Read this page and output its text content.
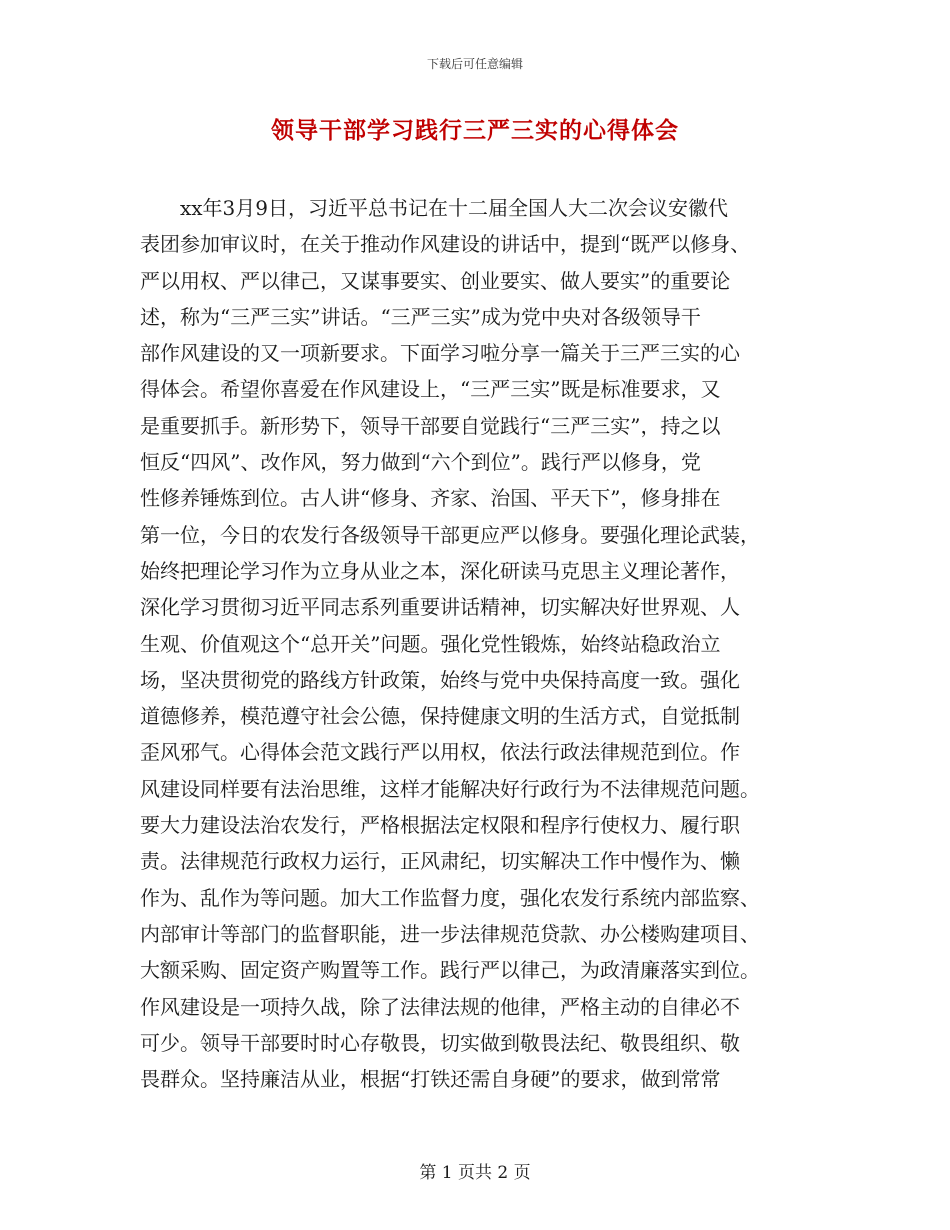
下载后可任意编辑
领导干部学习践行三严三实的心得体会
　　xx年3月9日，习近平总书记在十二届全国人大二次会议安徽代
表团参加审议时，在关于推动作风建设的讲话中，提到“既严以修身、
严以用权、严以律己，又谋事要实、创业要实、做人要实”的重要论
述，称为“三严三实”讲话。“三严三实”成为党中央对各级领导干
部作风建设的又一项新要求。下面学习啦分享一篇关于三严三实的心
得体会。希望你喜爱在作风建设上，“三严三实”既是标准要求，又
是重要抓手。新形势下，领导干部要自觉践行“三严三实”，持之以
恒反“四风”、改作风，努力做到“六个到位”。践行严以修身，党
性修养锤炼到位。古人讲“修身、齐家、治国、平天下”，修身排在
第一位，今日的农发行各级领导干部更应严以修身。要强化理论武装，
始终把理论学习作为立身从业之本，深化研读马克思主义理论著作，
深化学习贯彻习近平同志系列重要讲话精神，切实解决好世界观、人
生观、价值观这个“总开关”问题。强化党性锻炼，始终站稳政治立
场，坚决贯彻党的路线方针政策，始终与党中央保持高度一致。强化
道德修养，模范遵守社会公德，保持健康文明的生活方式，自觉抵制
歪风邪气。心得体会范文践行严以用权，依法行政法律规范到位。作
风建设同样要有法治思维，这样才能解决好行政行为不法律规范问题。
要大力建设法治农发行，严格根据法定权限和程序行使权力、履行职
责。法律规范行政权力运行，正风肃纪，切实解决工作中慢作为、懒
作为、乱作为等问题。加大工作监督力度，强化农发行系统内部监察、
内部审计等部门的监督职能，进一步法律规范贷款、办公楼购建项目、
大额采购、固定资产购置等工作。践行严以律己，为政清廉落实到位。
作风建设是一项持久战，除了法律法规的他律，严格主动的自律必不
可少。领导干部要时时心存敬畏，切实做到敬畏法纪、敬畏组织、敬
畏群众。坚持廉洁从业，根据“打铁还需自身硬”的要求，做到常常
第 1 页共 2 页
